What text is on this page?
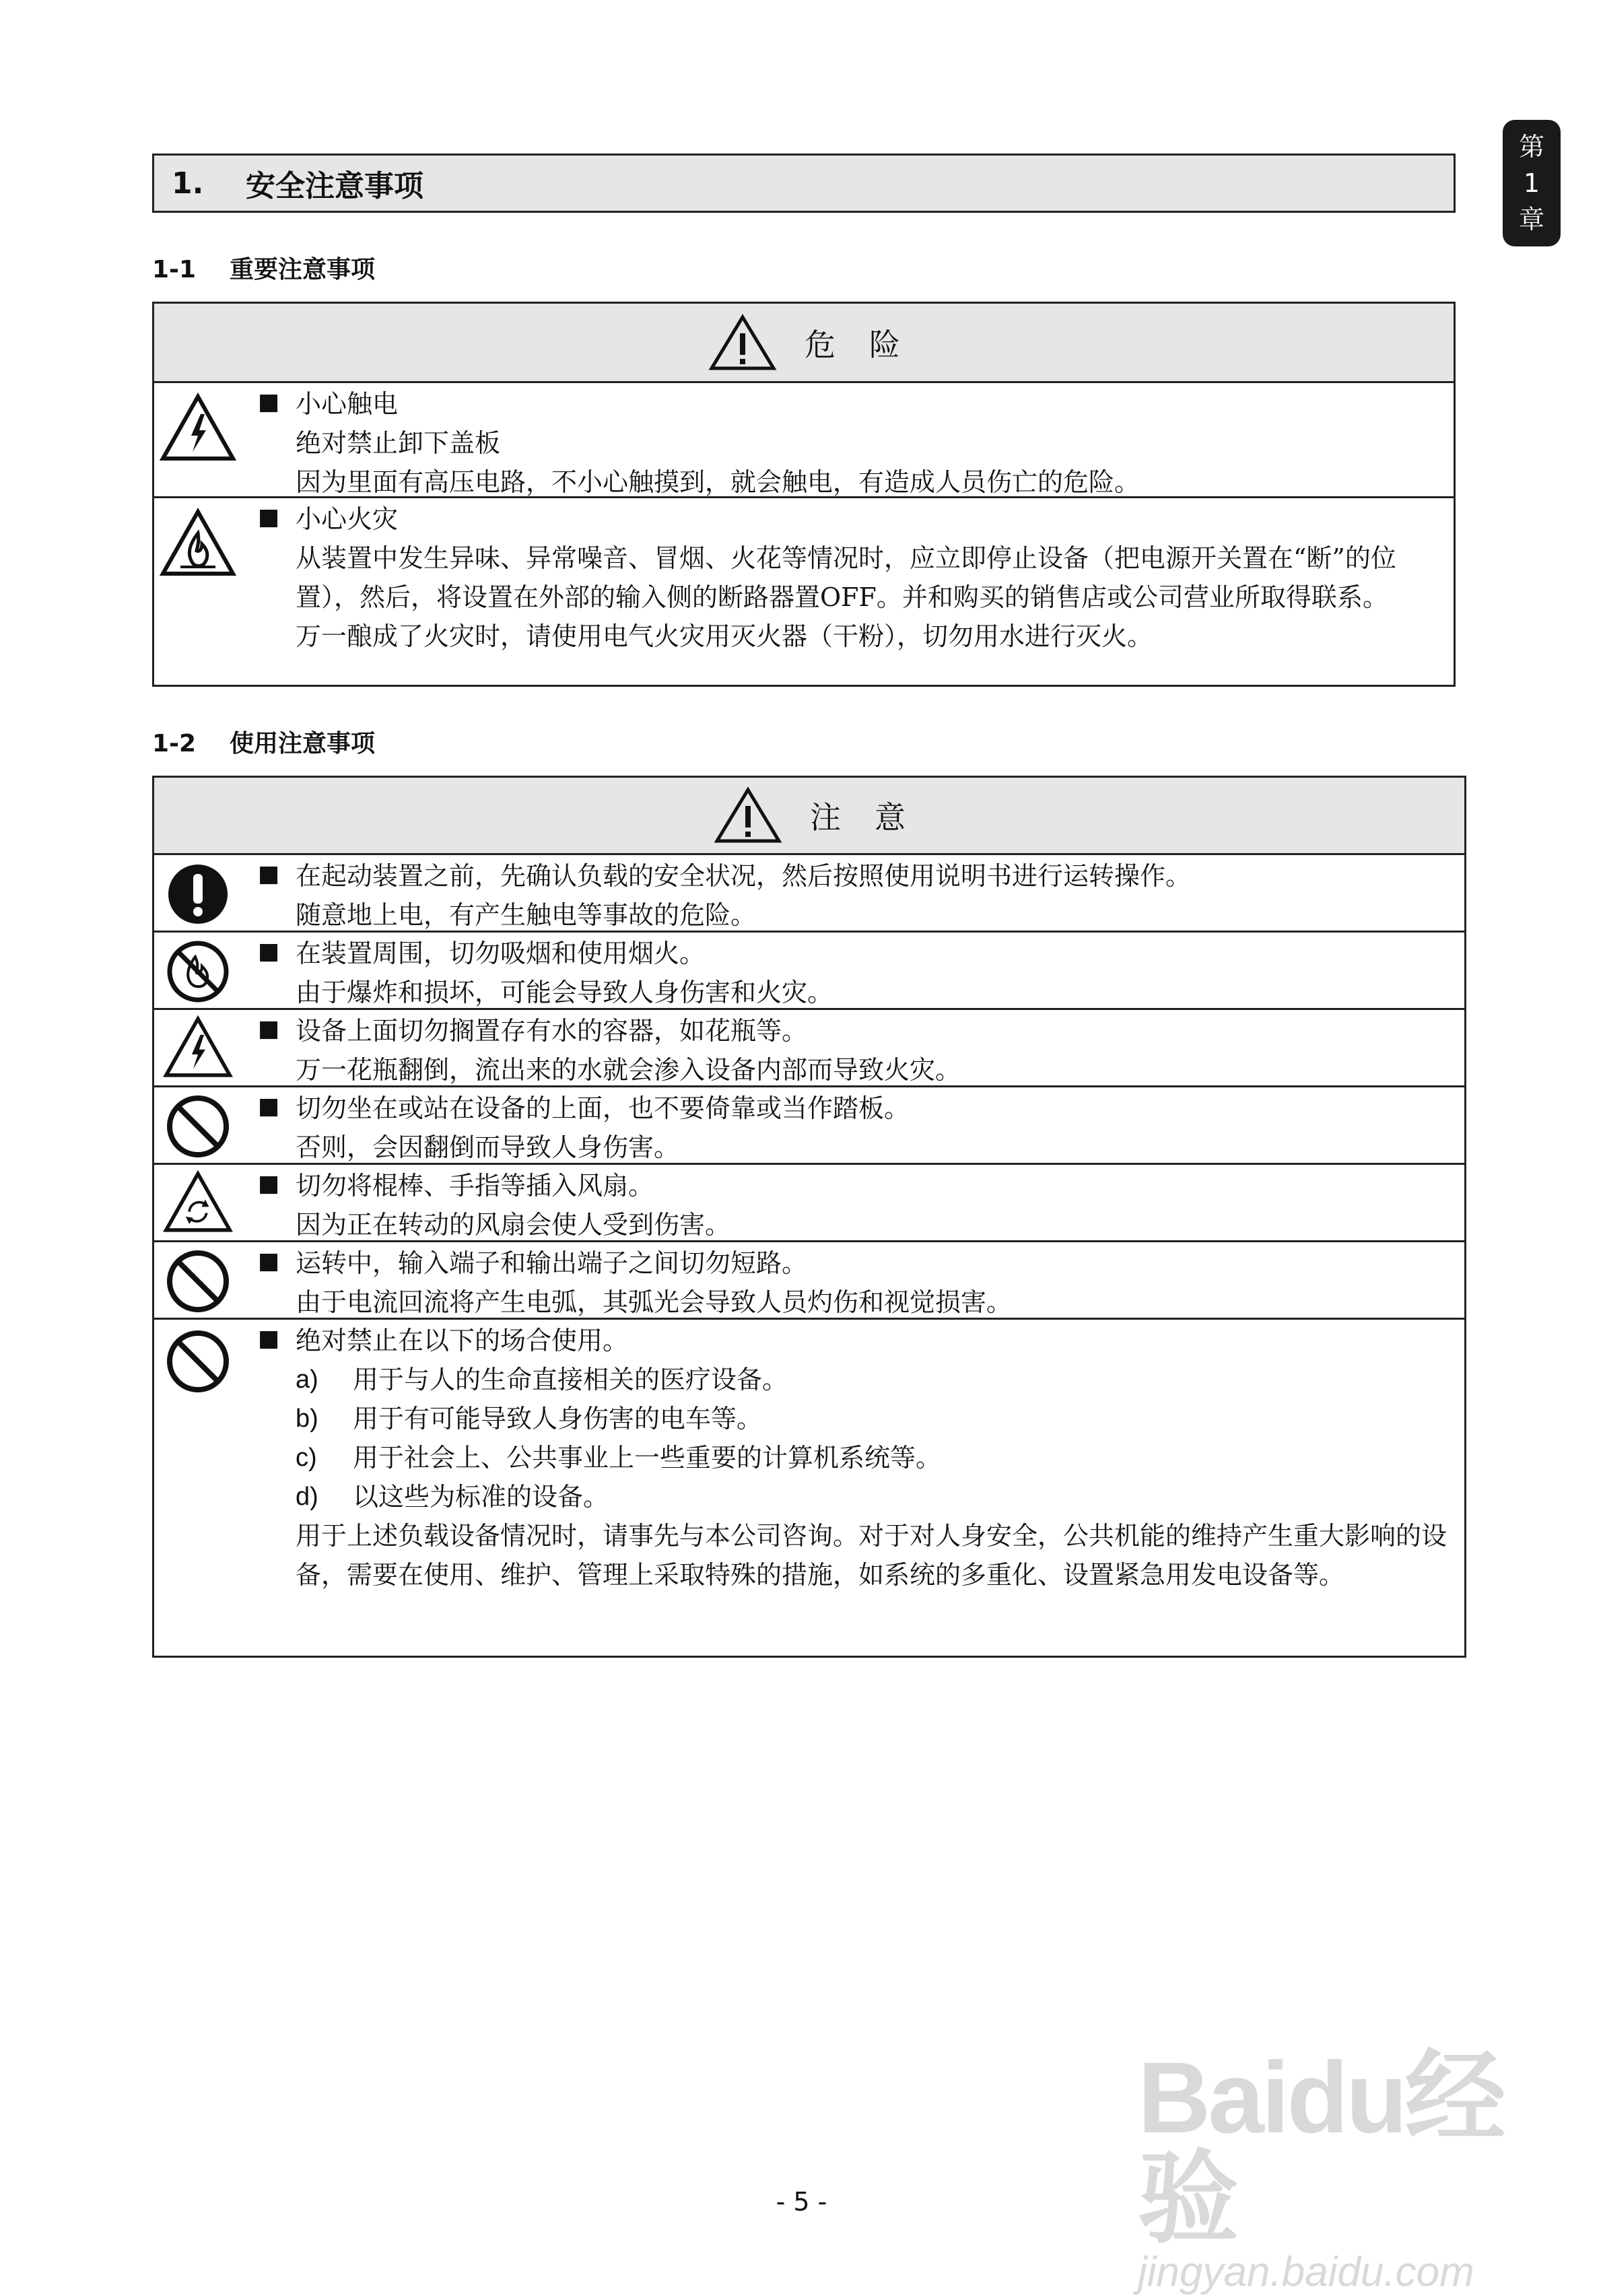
第
1
章
1.	安全注意事项
1-1 重要注意事项
危险
■ 小心触电
绝对禁止卸下盖板
因为里面有高压电路，不小心触摸到，就会触电，有造成人员伤亡的危险。
■ 小心火灾
从装置中发生异味、异常噪音、冒烟、火花等情况时，应立即停止设备（把电源开关置在“断”的位置），然后，将设置在外部的输入侧的断路器置OFF。并和购买的销售店或公司营业所取得联系。
万一酿成了火灾时，请使用电气火灾用灭火器（干粉），切勿用水进行灭火。
1-2 使用注意事项
注意
■ 在起动装置之前，先确认负载的安全状况，然后按照使用说明书进行运转操作。
随意地上电，有产生触电等事故的危险。
■ 在装置周围，切勿吸烟和使用烟火。
由于爆炸和损坏，可能会导致人身伤害和火灾。
■ 设备上面切勿搁置存有水的容器，如花瓶等。
万一花瓶翻倒，流出来的水就会渗入设备内部而导致火灾。
■ 切勿坐在或站在设备的上面，也不要倚靠或当作踏板。
否则，会因翻倒而导致人身伤害。
■ 切勿将棍棒、手指等插入风扇。
因为正在转动的风扇会使人受到伤害。
■ 运转中，输入端子和输出端子之间切勿短路。
由于电流回流将产生电弧，其弧光会导致人员灼伤和视觉损害。
■ 绝对禁止在以下的场合使用。
a)	用于与人的生命直接相关的医疗设备。
b)	用于有可能导致人身伤害的电车等。
c)	用于社会上、公共事业上一些重要的计算机系统等。
d)	以这些为标准的设备。
用于上述负载设备情况时，请事先与本公司咨询。对于对人身安全，公共机能的维持产生重大影响的设备，需要在使用、维护、管理上采取特殊的措施，如系统的多重化、设置紧急用发电设备等。
- 5 -
Baidu经验
jingyan.baidu.com
